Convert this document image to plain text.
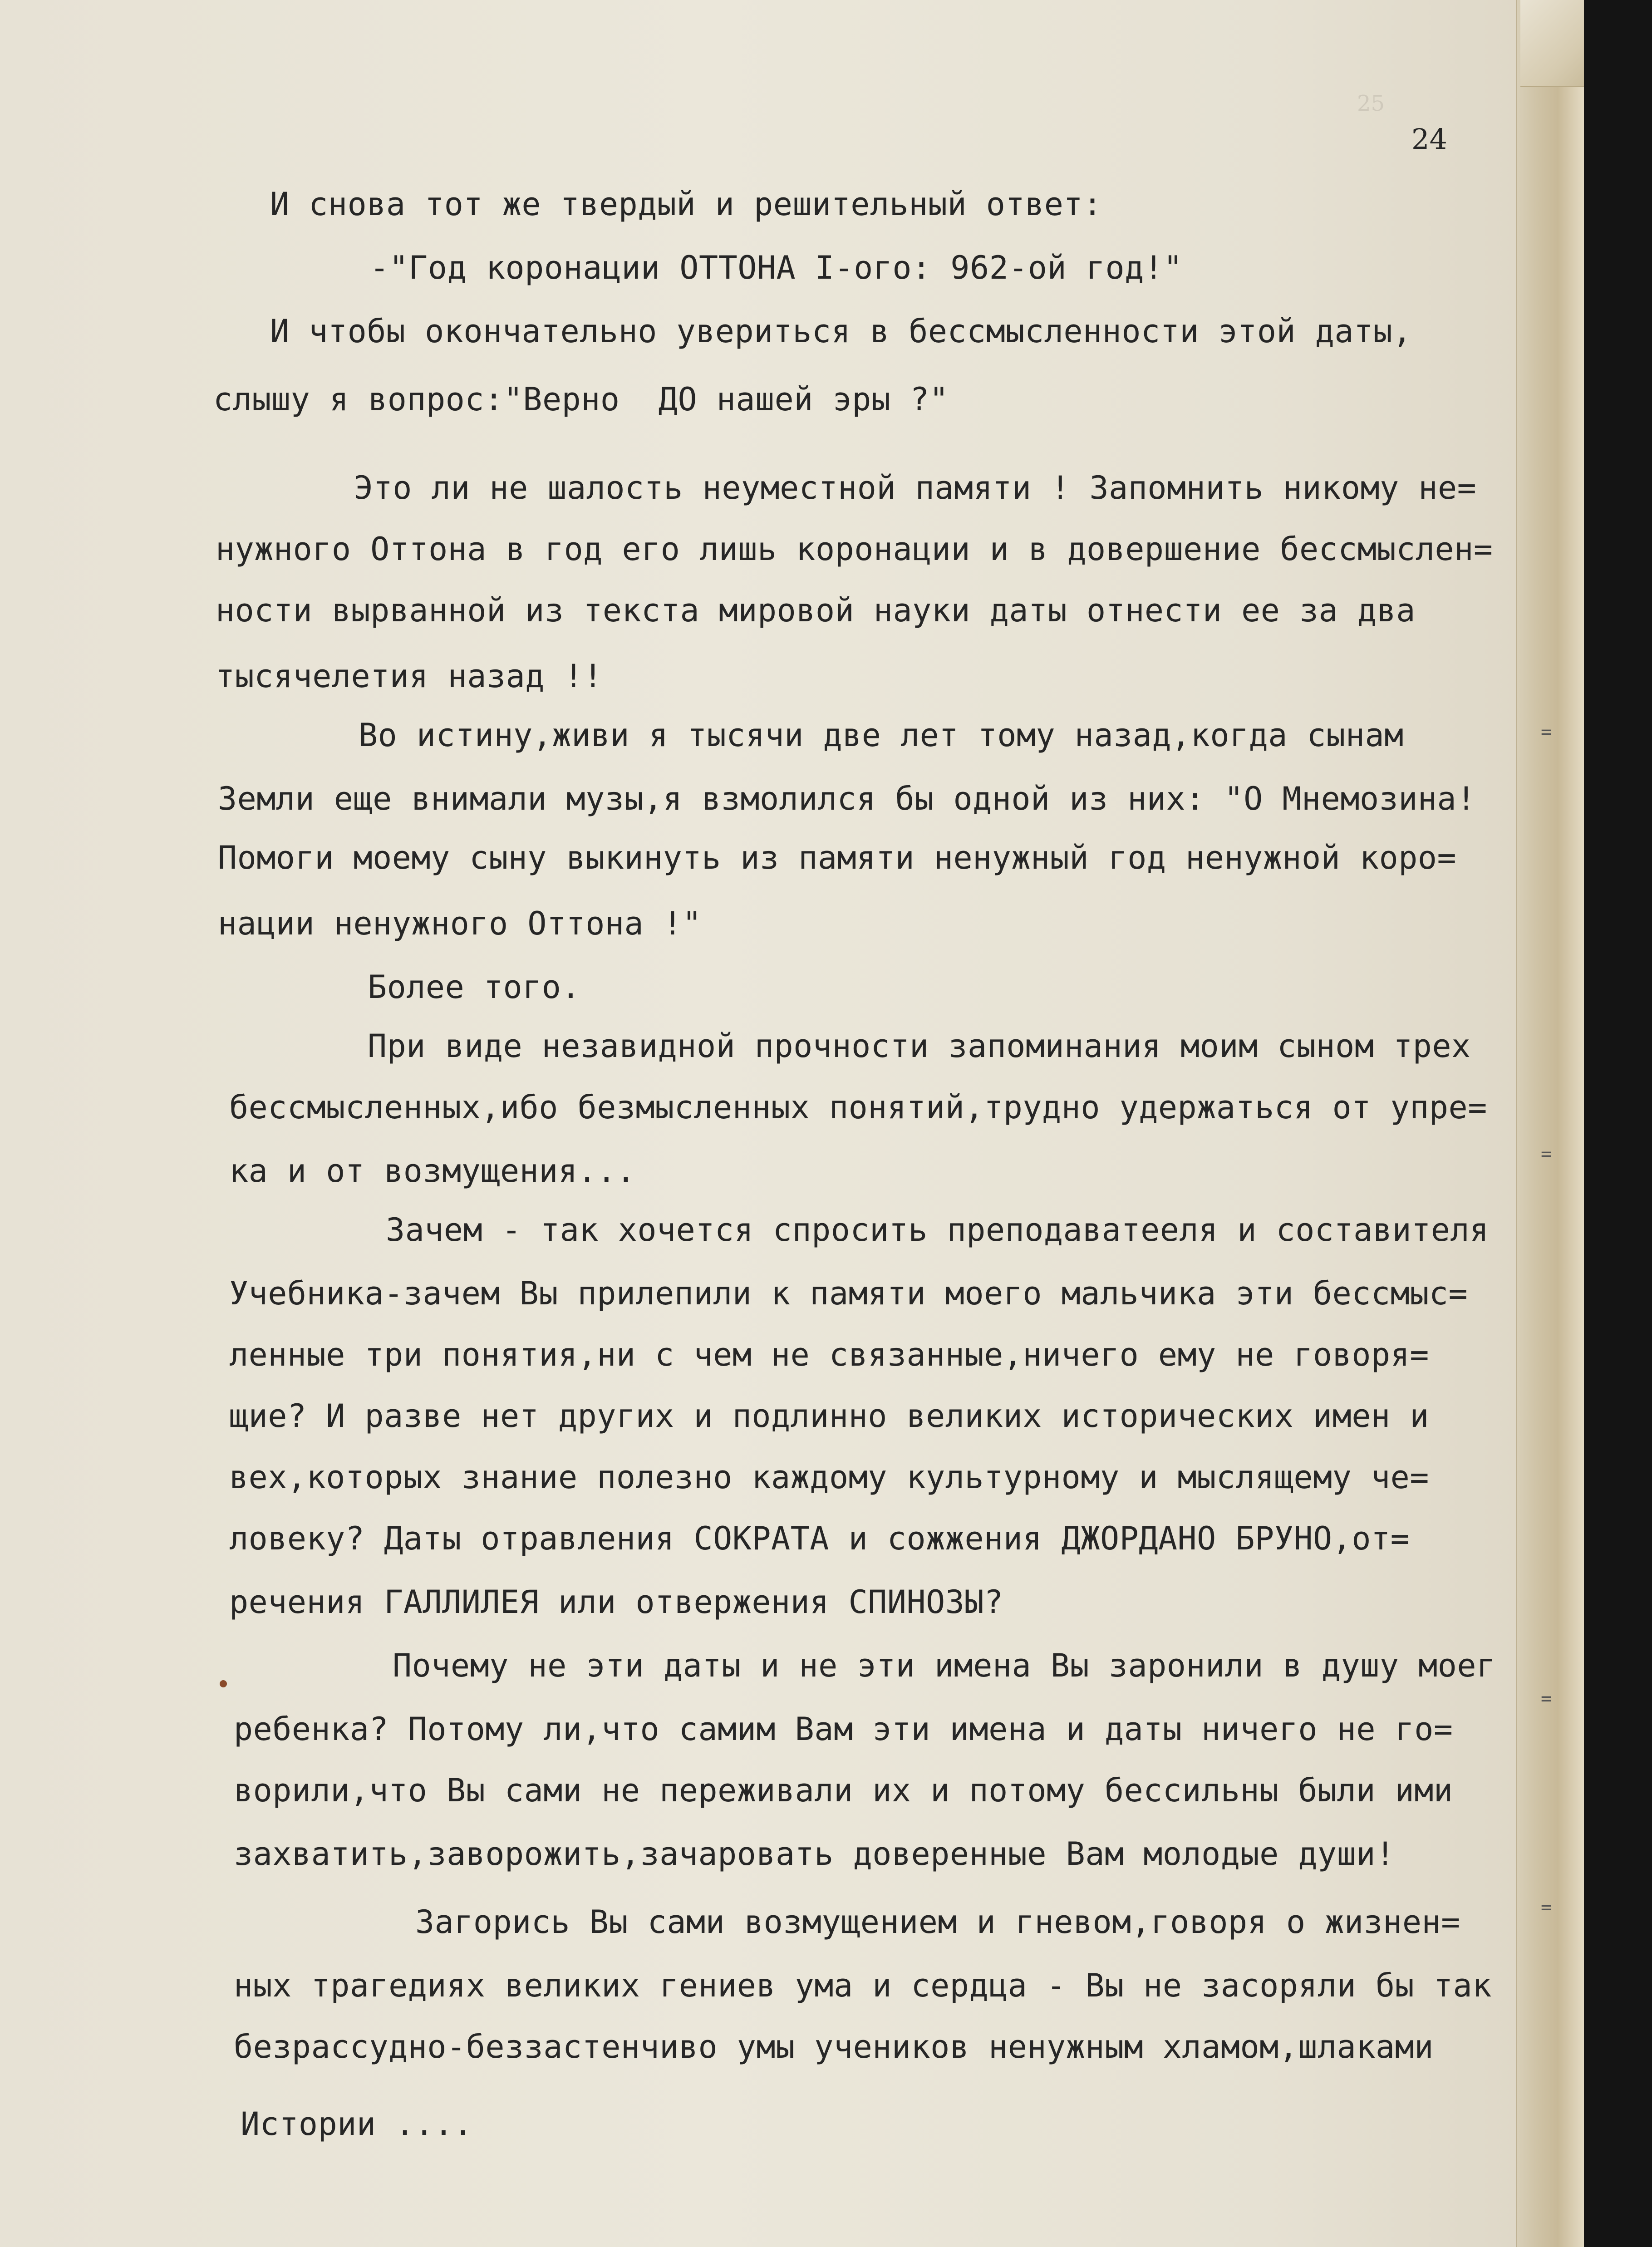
25

24

И снова тот же твердый и решительный ответ:

-"Год коронации ОТТОНА I-ого: 962-ой год!"

И чтобы окончательно увериться в бессмысленности этой даты,

слышу я вопрос:"Верно  ДО нашей эры ?"

Это ли не шалость неуместной памяти ! Запомнить никому не=

нужного Оттона в год его лишь коронации и в довершение бессмыслен=

ности вырванной из текста мировой науки даты отнести ее за два

тысячелетия назад !!

Во истину,живи я тысячи две лет тому назад,когда сынам

Земли еще внимали музы,я взмолился бы одной из них: "О Мнемозина!

Помоги моему сыну выкинуть из памяти ненужный год ненужной коро=

нации ненужного Оттона !"

Более того.

При виде незавидной прочности запоминания моим сыном трех

бессмысленных,ибо безмысленных понятий,трудно удержаться от упре=

ка и от возмущения...

Зачем - так хочется спросить преподаватееля и составителя

Учебника-зачем Вы прилепили к памяти моего мальчика эти бессмыс=

ленные три понятия,ни с чем не связанные,ничего ему не говоря=

щие? И разве нет других и подлинно великих исторических имен и

вех,которых знание полезно каждому культурному и мыслящему че=

ловеку? Даты отравления СОКРАТА и сожжения ДЖОРДАНО БРУНО,от=

речения ГАЛЛИЛЕЯ или отвержения СПИНОЗЫ?

Почему не эти даты и не эти имена Вы заронили в душу моег

ребенка? Потому ли,что самим Вам эти имена и даты ничего не го=

ворили,что Вы сами не переживали их и потому бессильны были ими

захватить,заворожить,зачаровать доверенные Вам молодые души!

Загорись Вы сами возмущением и гневом,говоря о жизнен=

ных трагедиях великих гениев ума и сердца - Вы не засоряли бы так

безрассудно-беззастенчиво умы учеников ненужным хламом,шлаками

Истории ....

=
=
=
=
